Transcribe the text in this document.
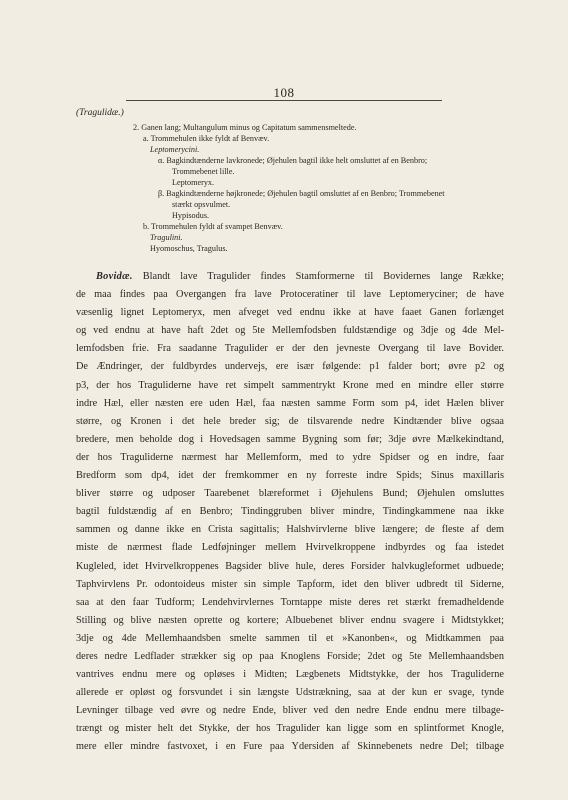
108
(Tragulidæ.)
2. Ganen lang; Multangulum minus og Capitatum sammensmeltede.
a. Trommehulen ikke fyldt af Benvæv.
Leptomerycini.
α. Bagkindtænderne lavkronede; Øjehulen bagtil ikke helt omsluttet af en Benbro;
Trommebenet lille.
Leptomeryx.
β. Bagkindtænderne højkronede; Øjehulen bagtil omsluttet af en Benbro; Trommebenet
stærkt opsvulmet.
Hypisodus.
b. Trommehulen fyldt af svampet Benvæv.
Tragulini.
Hyomoschus, Tragulus.
Bovidæ. Blandt lave Tragulider findes Stamformerne til Bovidernes lange Række;
de maa findes paa Overgangen fra lave Protoceratiner til lave Leptomeryciner; de have
væsenlig lignet Leptomeryx, men afveget ved endnu ikke at have faaet Ganen forlænget
og ved endnu at have haft 2det og 5te Mellemfodsben fuldstændige og 3dje og 4de Mel-
lemfodsben frie. Fra saadanne Tragulider er der den jevneste Overgang til lave Bovider.
De Ændringer, der fuldbyrdes undervejs, ere især følgende: p1 falder bort; øvre p2 og
p3, der hos Traguliderne have ret simpelt sammentrykt Krone med en mindre eller større
indre Hæl, eller næsten ere uden Hæl, faa næsten samme Form som p4, idet Hælen bliver
større, og Kronen i det hele breder sig; de tilsvarende nedre Kindtænder blive ogsaa
bredere, men beholde dog i Hovedsagen samme Bygning som før; 3dje øvre Mælkekindtand,
der hos Traguliderne nærmest har Mellemform, med to ydre Spidser og en indre, faar
Bredform som dp4, idet der fremkommer en ny forreste indre Spids; Sinus maxillaris
bliver større og udposer Taarebenet blæreformet i Øjehulens Bund; Øjehulen omsluttes
bagtil fuldstændig af en Benbro; Tindinggruben bliver mindre, Tindingkammene naa ikke
sammen og danne ikke en Crista sagittalis; Halshvirvlerne blive længere; de fleste af dem
miste de nærmest flade Ledføjninger mellem Hvirvelkroppene indbyrdes og faa istedet
Kugleled, idet Hvirvelkroppenes Bagsider blive hule, deres Forsider halvkugleformet udbuede;
Taphvirvlens Pr. odontoideus mister sin simple Tapform, idet den bliver udbredt til Siderne,
saa at den faar Tudform; Lendehvirvlernes Torntappe miste deres ret stærkt fremadheldende
Stilling og blive næsten oprette og kortere; Albuebenet bliver endnu svagere i Midtstykket;
3dje og 4de Mellemhaandsben smelte sammen til et »Kanonben«, og Midtkammen paa
deres nedre Ledflader strækker sig op paa Knoglens Forside; 2det og 5te Mellemhaandsben
vantrives endnu mere og opløses i Midten; Lægbenets Midtstykke, der hos Traguliderne
allerede er opløst og forsvundet i sin længste Udstrækning, saa at der kun er svage, tynde
Levninger tilbage ved øvre og nedre Ende, bliver ved den nedre Ende endnu mere tilbage-
trængt og mister helt det Stykke, der hos Tragulider kan ligge som en splintformet Knogle,
mere eller mindre fastvoxet, i en Fure paa Ydersiden af Skinnebenets nedre Del; tilbage
